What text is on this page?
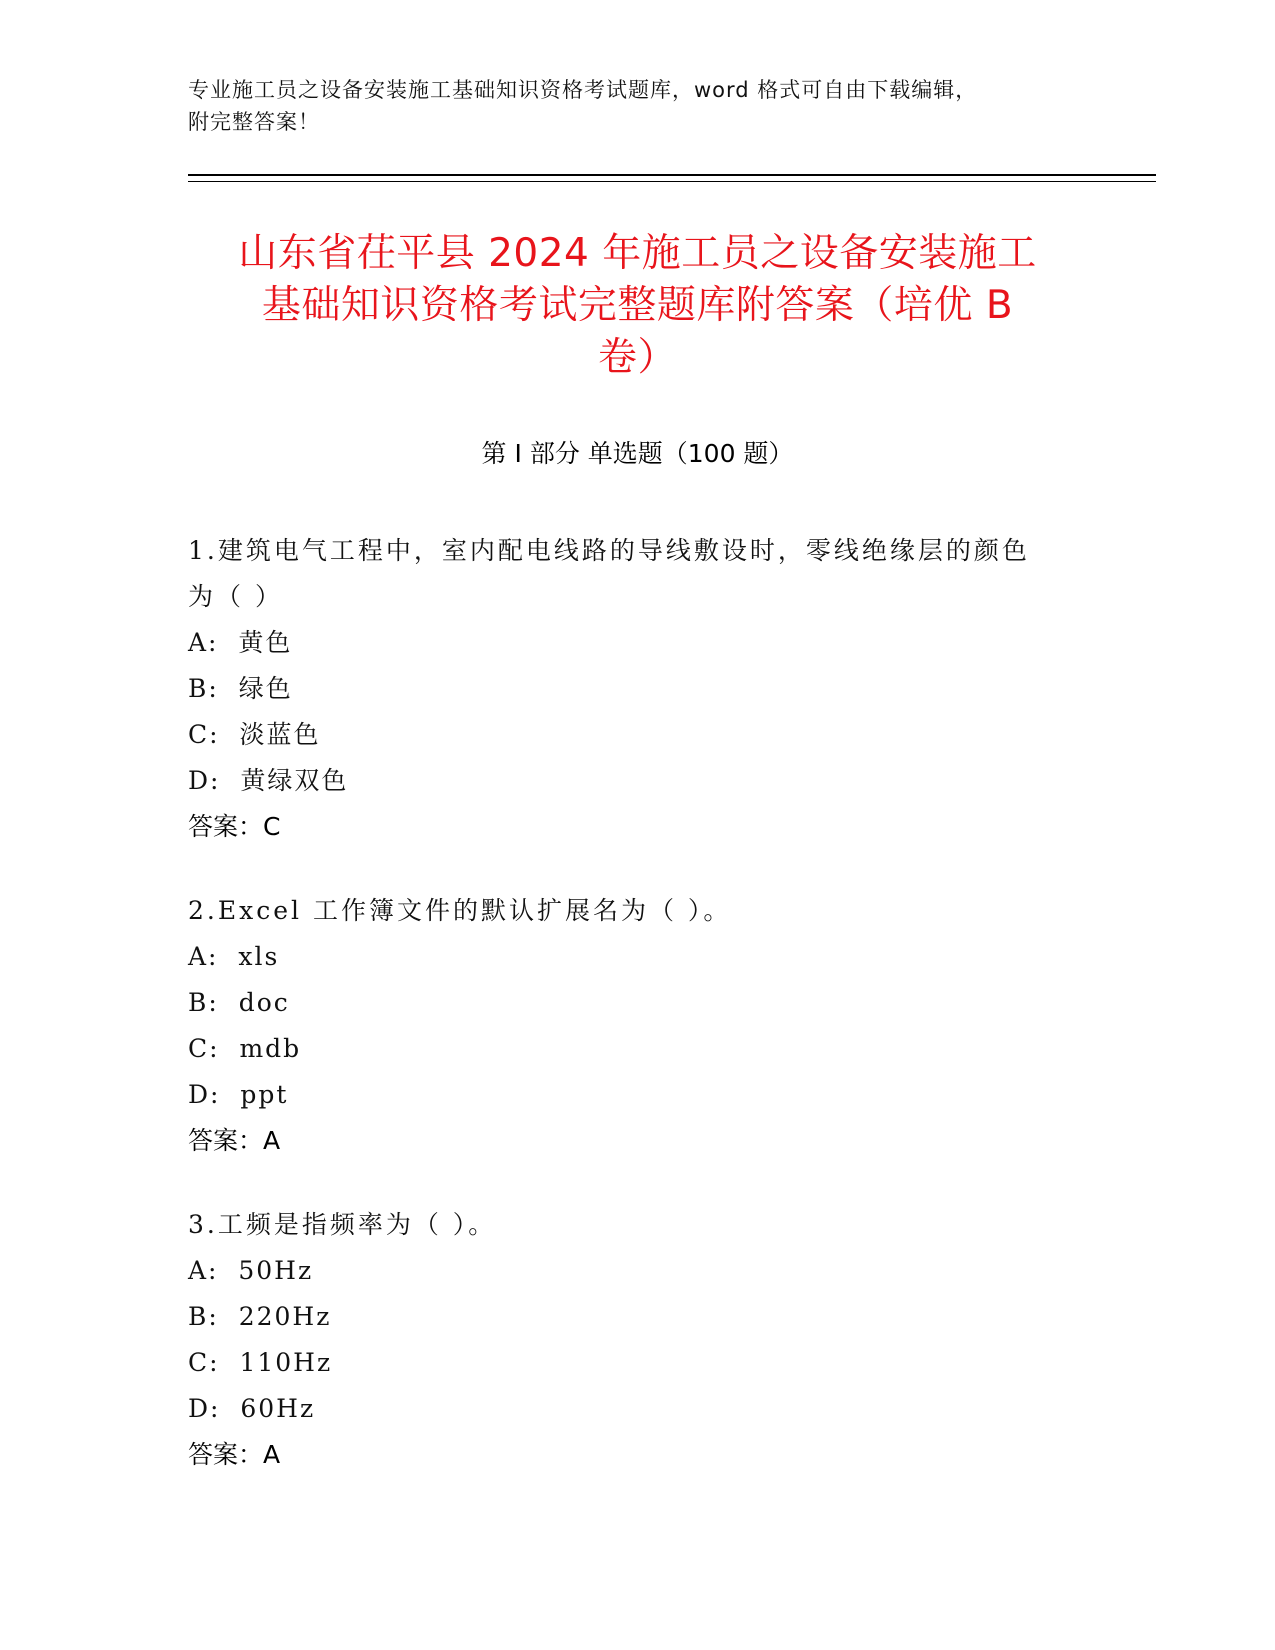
专业施工员之设备安装施工基础知识资格考试题库，word 格式可自由下载编辑，
附完整答案！
山东省茌平县 2024 年施工员之设备安装施工
基础知识资格考试完整题库附答案（培优 B
卷）
第 I 部分 单选题（100 题）
1.建筑电气工程中，室内配电线路的导线敷设时，零线绝缘层的颜色
为（ ）
A:  黄色
B:  绿色
C:  淡蓝色
D:  黄绿双色
答案：C
2.Excel 工作簿文件的默认扩展名为（ ）。
A:  xls
B:  doc
C:  mdb
D:  ppt
答案：A
3.工频是指频率为（ ）。
A:  50Hz
B:  220Hz
C:  110Hz
D:  60Hz
答案：A
